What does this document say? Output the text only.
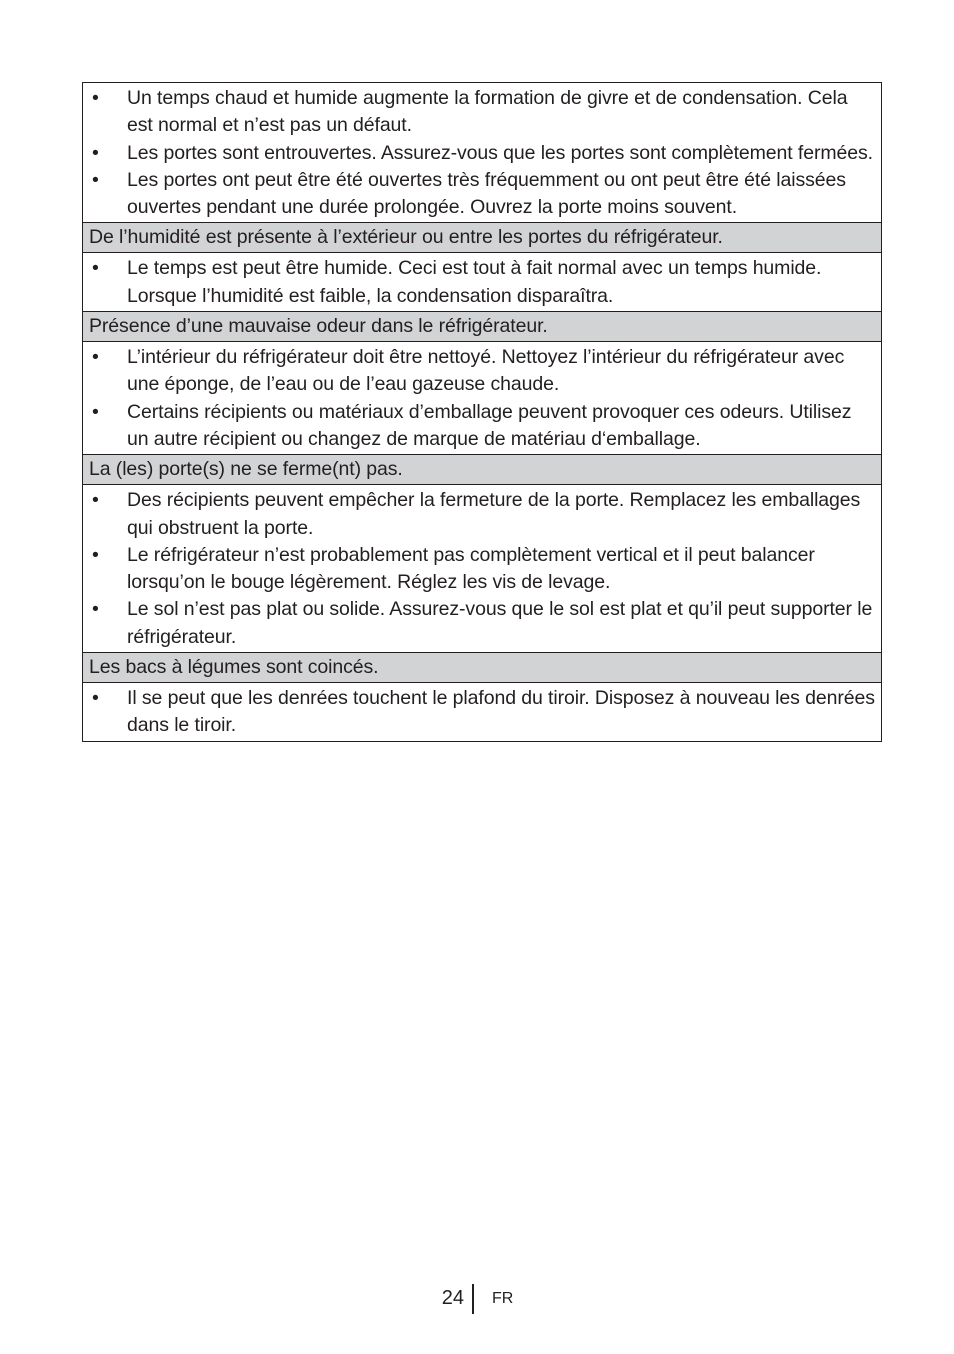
•	Un temps chaud et humide augmente la formation de givre et de condensation. Cela est normal et n’est pas un défaut.
•	Les portes sont entrouvertes. Assurez-vous que les portes sont complètement fermées.
•	Les portes ont peut être été ouvertes très fréquemment ou ont peut être été laissées ouvertes pendant une durée prolongée. Ouvrez la porte moins souvent.
De l’humidité est présente à l’extérieur ou entre les portes du réfrigérateur.
•	Le temps est peut être humide. Ceci est tout à fait normal avec un temps humide. Lorsque l’humidité est faible, la condensation disparaîtra.
Présence d’une mauvaise odeur dans le réfrigérateur.
•	L’intérieur du réfrigérateur doit être nettoyé. Nettoyez l’intérieur du réfrigérateur avec une éponge, de l’eau ou de l’eau gazeuse chaude.
•	Certains récipients ou matériaux d’emballage peuvent provoquer ces odeurs. Utilisez un autre récipient ou changez de marque de matériau d‘emballage.
La (les) porte(s) ne se ferme(nt) pas.
•	Des récipients peuvent empêcher la fermeture de la porte. Remplacez les emballages qui obstruent la porte.
•	Le réfrigérateur n’est probablement pas complètement vertical et il peut balancer lorsqu’on le bouge légèrement. Réglez les vis de levage.
•	Le sol n’est pas plat ou solide. Assurez-vous que le sol est plat et qu’il peut supporter le réfrigérateur.
Les bacs à légumes sont coincés.
•	Il se peut que les denrées touchent le plafond du tiroir. Disposez à nouveau les denrées dans le tiroir.
24 FR
